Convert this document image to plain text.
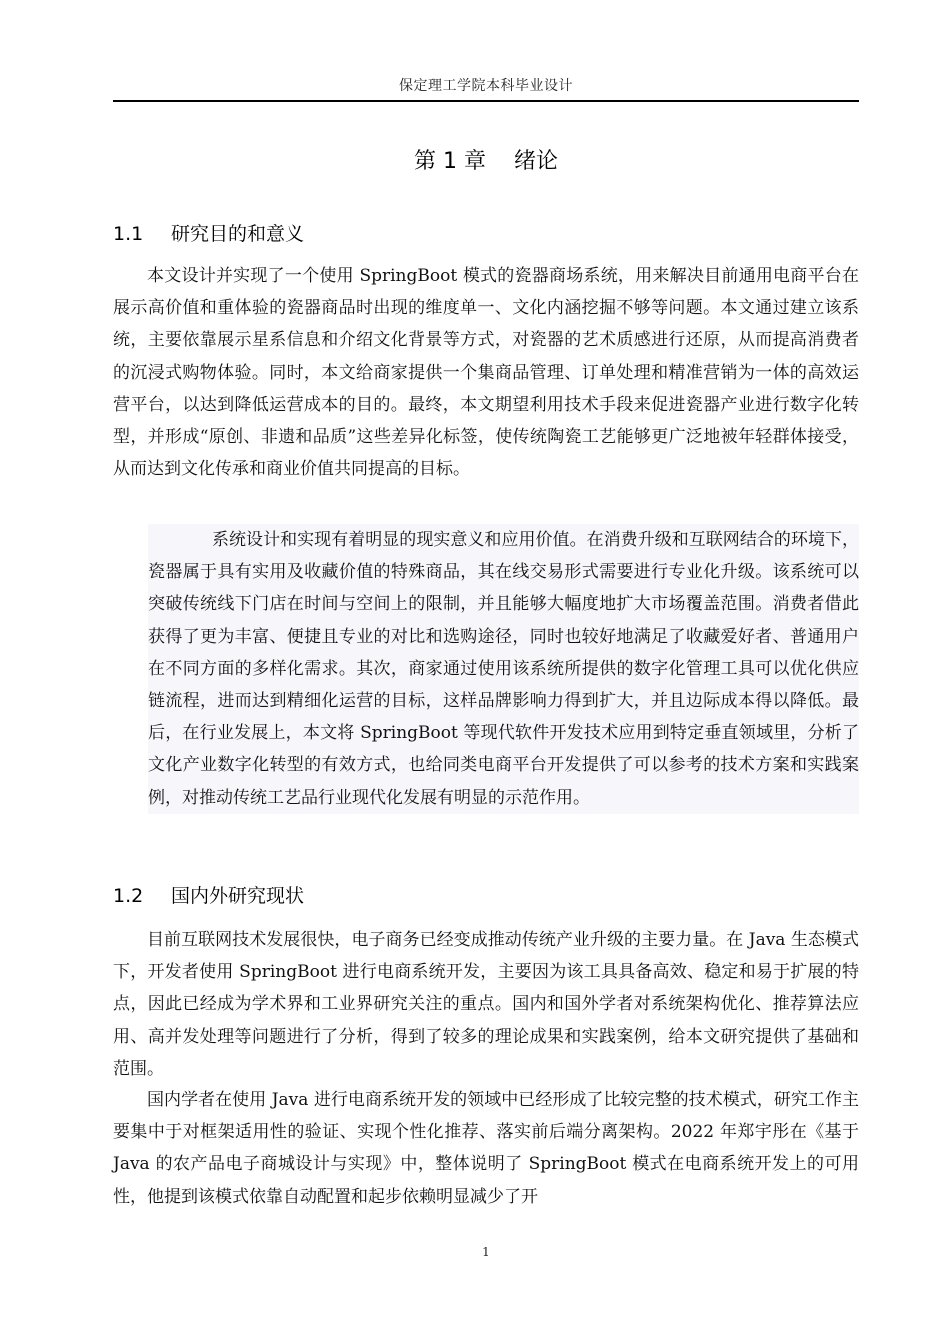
保定理工学院本科毕业设计
第 1 章 绪论
1.1 研究目的和意义

本文设计并实现了一个使用 SpringBoot 模式的瓷器商场系统，用来解决目前通用电商平台在展示高价值和重体验的瓷器商品时出现的维度单一、文化内涵挖掘不够等问题。本文通过建立该系统，主要依靠展示星系信息和介绍文化背景等方式，对瓷器的艺术质感进行还原，从而提高消费者的沉浸式购物体验。同时，本文给商家提供一个集商品管理、订单处理和精准营销为一体的高效运营平台，以达到降低运营成本的目的。最终，本文期望利用技术手段来促进瓷器产业进行数字化转型，并形成“原创、非遗和品质”这些差异化标签，使传统陶瓷工艺能够更广泛地被年轻群体接受，从而达到文化传承和商业价值共同提高的目标。

系统设计和实现有着明显的现实意义和应用价值。在消费升级和互联网结合的环境下，瓷器属于具有实用及收藏价值的特殊商品，其在线交易形式需要进行专业化升级。该系统可以突破传统线下门店在时间与空间上的限制，并且能够大幅度地扩大市场覆盖范围。消费者借此获得了更为丰富、便捷且专业的对比和选购途径，同时也较好地满足了收藏爱好者、普通用户在不同方面的多样化需求。其次，商家通过使用该系统所提供的数字化管理工具可以优化供应链流程，进而达到精细化运营的目标，这样品牌影响力得到扩大，并且边际成本得以降低。最后，在行业发展上，本文将 SpringBoot 等现代软件开发技术应用到特定垂直领域里，分析了文化产业数字化转型的有效方式，也给同类电商平台开发提供了可以参考的技术方案和实践案例，对推动传统工艺品行业现代化发展有明显的示范作用。

1.2 国内外研究现状

目前互联网技术发展很快，电子商务已经变成推动传统产业升级的主要力量。在 Java 生态模式下，开发者使用 SpringBoot 进行电商系统开发，主要因为该工具具备高效、稳定和易于扩展的特点，因此已经成为学术界和工业界研究关注的重点。国内和国外学者对系统架构优化、推荐算法应用、高并发处理等问题进行了分析，得到了较多的理论成果和实践案例，给本文研究提供了基础和范围。

国内学者在使用 Java 进行电商系统开发的领域中已经形成了比较完整的技术模式，研究工作主要集中于对框架适用性的验证、实现个性化推荐、落实前后端分离架构。2022 年郑宇彤在《基于 Java 的农产品电子商城设计与实现》中，整体说明了 SpringBoot 模式在电商系统开发上的可用性，他提到该模式依靠自动配置和起步依赖明显减少了开

1
